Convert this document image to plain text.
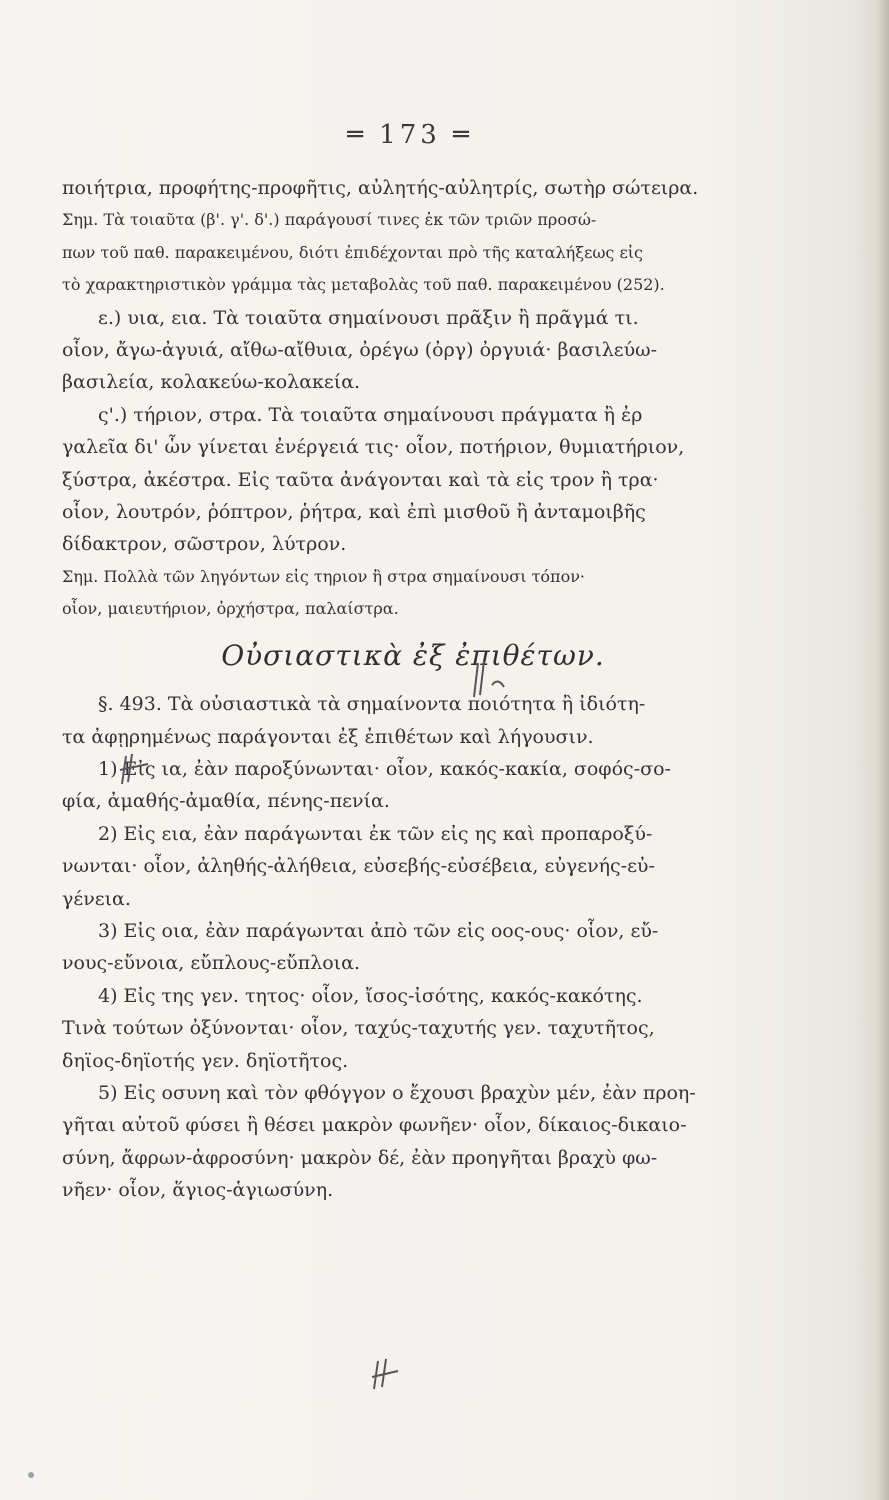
═ 173 ═
ποιήτρια, προφήτης-προφῆτις, αὐλητής-αὐλητρίς, σωτὴρ σώτειρα.
Σημ. Τὰ τοιαῦτα (β'. γ'. δ'.) παράγουσί τινες ἐκ τῶν τριῶν προσώ-
πων τοῦ παθ. παρακειμένου, διότι ἐπιδέχονται πρὸ τῆς καταλήξεως εἰς
τὸ χαρακτηριστικὸν γράμμα τὰς μεταβολὰς τοῦ παθ. παρακειμένου (252).
ε.) υια, εια. Τὰ τοιαῦτα σημαίνουσι πρᾶξιν ἢ πρᾶγμά τι.
οἷον, ἄγω-ἀγυιά, αἴθω-αἴθυια, ὀρέγω (ὀργ) ὀργυιά· βασιλεύω-
βασιλεία, κολακεύω-κολακεία.
ς'.) τήριον, στρα. Τὰ τοιαῦτα σημαίνουσι πράγματα ἢ ἐρ
γαλεῖα δι' ὧν γίνεται ἐνέργειά τις· οἷον, ποτήριον, θυμιατήριον,
ξύστρα, ἀκέστρα. Εἰς ταῦτα ἀνάγονται καὶ τὰ εἰς τρον ἢ τρα·
οἷον, λουτρόν, ῥόπτρον, ῥήτρα, καὶ ἐπὶ μισθοῦ ἢ ἀνταμοιβῆς
δίδακτρον, σῶστρον, λύτρον.
Σημ. Πολλὰ τῶν ληγόντων εἰς τηριον ἢ στρα σημαίνουσι τόπον·
οἷον, μαιευτήριον, ὀρχήστρα, παλαίστρα.
Οὐσιαστικὰ ἐξ ἐπιθέτων.
§. 493. Τὰ οὐσιαστικὰ τὰ σημαίνοντα ποιότητα ἢ ἰδιότη-
τα ἀφῃρημένως παράγονται ἐξ ἐπιθέτων καὶ λήγουσιν.
1) Εἰς ια, ἐὰν παροξύνωνται· οἷον, κακός-κακία, σοφός-σο-
φία, ἀμαθής-ἀμαθία, πένης-πενία.
2) Εἰς εια, ἐὰν παράγωνται ἐκ τῶν εἰς ης καὶ προπαροξύ-
νωνται· οἷον, ἀληθής-ἀλήθεια, εὐσεβής-εὐσέβεια, εὐγενής-εὐ-
γένεια.
3) Εἰς οια, ἐὰν παράγωνται ἀπὸ τῶν εἰς οος-ους· οἷον, εὔ-
νους-εὔνοια, εὔπλους-εὔπλοια.
4) Εἰς της γεν. τητος· οἷον, ἴσος-ἰσότης, κακός-κακότης.
Τινὰ τούτων ὀξύνονται· οἷον, ταχύς-ταχυτής γεν. ταχυτῆτος,
δηϊος-δηϊοτής γεν. δηϊοτῆτος.
5) Εἰς οσυνη καὶ τὸν φθόγγον ο ἔχουσι βραχὺν μέν, ἐὰν προη-
γῆται αὐτοῦ φύσει ἢ θέσει μακρὸν φωνῆεν· οἷον, δίκαιος-δικαιο-
σύνη, ἄφρων-ἀφροσύνη· μακρὸν δέ, ἐὰν προηγῆται βραχὺ φω-
νῆεν· οἷον, ἅγιος-ἁγιωσύνη.
